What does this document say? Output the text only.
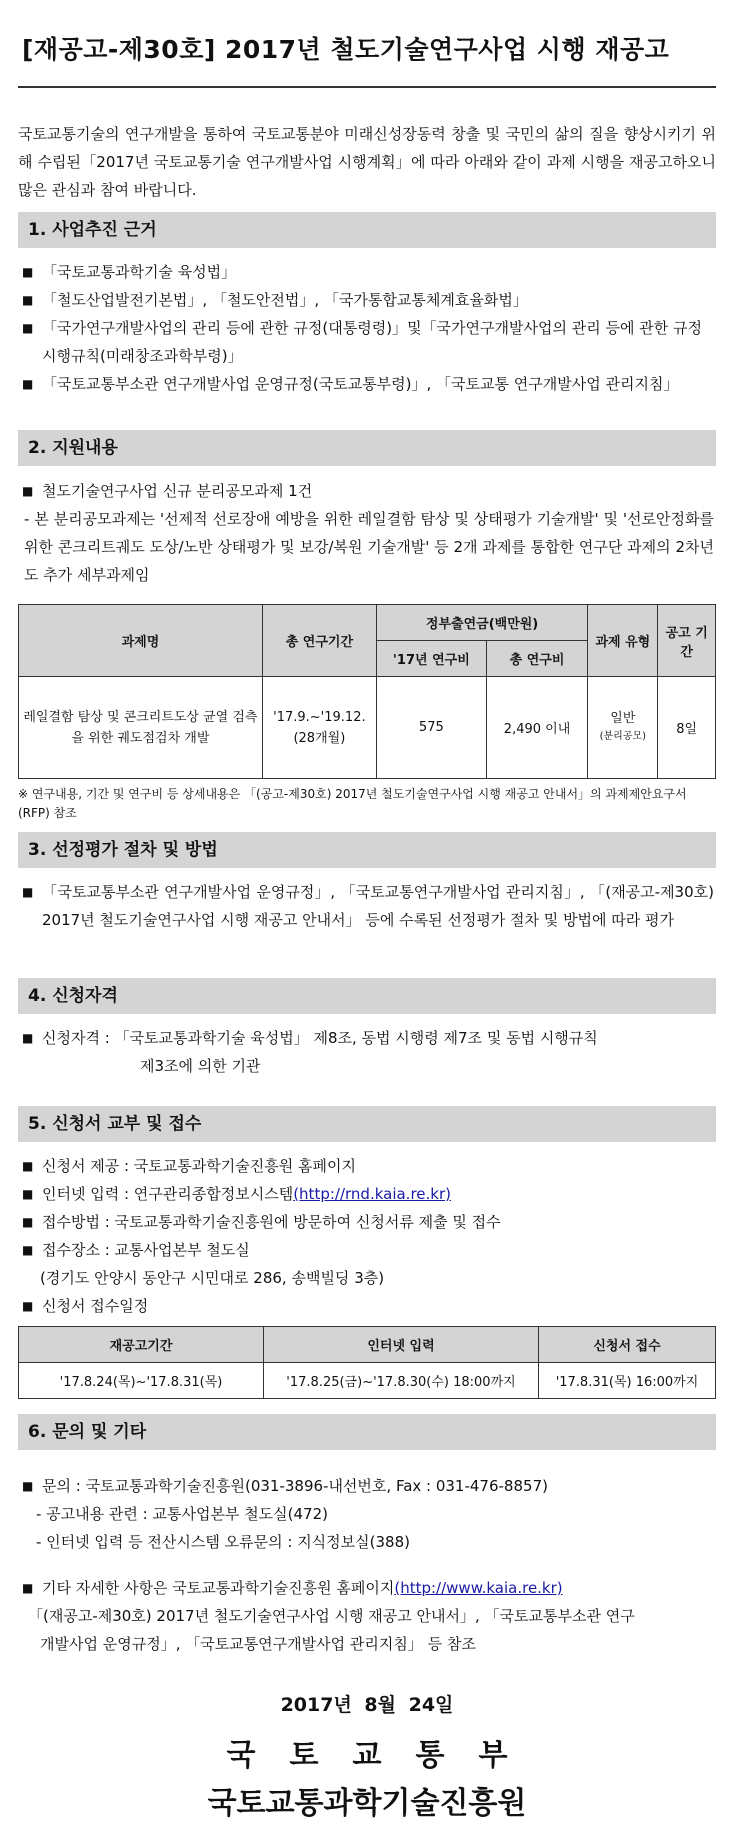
[재공고-제30호] 2017년 철도기술연구사업 시행 재공고
국토교통기술의 연구개발을 통하여 국토교통분야 미래신성장동력 창출 및 국민의 삶의 질을 향상시키기 위해 수립된「2017년 국토교통기술 연구개발사업 시행계획」에 따라 아래와 같이 과제 시행을 재공고하오니 많은 관심과 참여 바랍니다.
1. 사업추진 근거
■ 「국토교통과학기술 육성법」
■ 「철도산업발전기본법」, 「철도안전법」, 「국가통합교통체계효율화법」
■ 「국가연구개발사업의 관리 등에 관한 규정(대통령령)」및「국가연구개발사업의 관리 등에 관한 규정 시행규칙(미래창조과학부령)」
■ 「국토교통부소관 연구개발사업 운영규정(국토교통부령)」, 「국토교통 연구개발사업 관리지침」
2. 지원내용
■ 철도기술연구사업 신규 분리공모과제 1건
- 본 분리공모과제는 '선제적 선로장애 예방을 위한 레일결함 탐상 및 상태평가 기술개발' 및 '선로안정화를 위한 콘크리트궤도 도상/노반 상태평가 및 보강/복원 기술개발' 등 2개 과제를 통합한 연구단 과제의 2차년도 추가 세부과제임
과제명	총 연구기간	정부출연금(백만원)		과제 유형	공고 기간
		'17년 연구비	총 연구비		
레일결함 탐상 및 콘크리트도상 균열 검측을 위한 궤도점검차 개발	'17.9.~'19.12.
(28개월)	575	2,490 이내	일반
(분리공모)	8일
※ 연구내용, 기간 및 연구비 등 상세내용은 「(공고-제30호) 2017년 철도기술연구사업 시행 재공고 안내서」의 과제제안요구서(RFP) 참조
3. 선정평가 절차 및 방법
■ 「국토교통부소관 연구개발사업 운영규정」, 「국토교통연구개발사업 관리지침」, 「(재공고-제30호) 2017년 철도기술연구사업 시행 재공고 안내서」 등에 수록된 선정평가 절차 및 방법에 따라 평가
4. 신청자격
■ 신청자격 : 「국토교통과학기술 육성법」 제8조, 동법 시행령 제7조 및 동법 시행규칙
제3조에 의한 기관
5. 신청서 교부 및 접수
■ 신청서 제공 : 국토교통과학기술진흥원 홈페이지
■ 인터넷 입력 : 연구관리종합정보시스템(http://rnd.kaia.re.kr)
■ 접수방법 : 국토교통과학기술진흥원에 방문하여 신청서류 제출 및 접수
■ 접수장소 : 교통사업본부 철도실
(경기도 안양시 동안구 시민대로 286, 송백빌딩 3층)
■ 신청서 접수일정
재공고기간	인터넷 입력	신청서 접수
'17.8.24(목)~'17.8.31(목)	'17.8.25(금)~'17.8.30(수) 18:00까지	'17.8.31(목) 16:00까지
6. 문의 및 기타
■ 문의 : 국토교통과학기술진흥원(031-3896-내선번호, Fax : 031-476-8857)
- 공고내용 관련 : 교통사업본부 철도실(472)
- 인터넷 입력 등 전산시스템 오류문의 : 지식정보실(388)
■ 기타 자세한 사항은 국토교통과학기술진흥원 홈페이지(http://www.kaia.re.kr)
「(재공고-제30호) 2017년 철도기술연구사업 시행 재공고 안내서」, 「국토교통부소관 연구
개발사업 운영규정」, 「국토교통연구개발사업 관리지침」 등 참조
2017년 8월 24일
국토교통부
국토교통과학기술진흥원
